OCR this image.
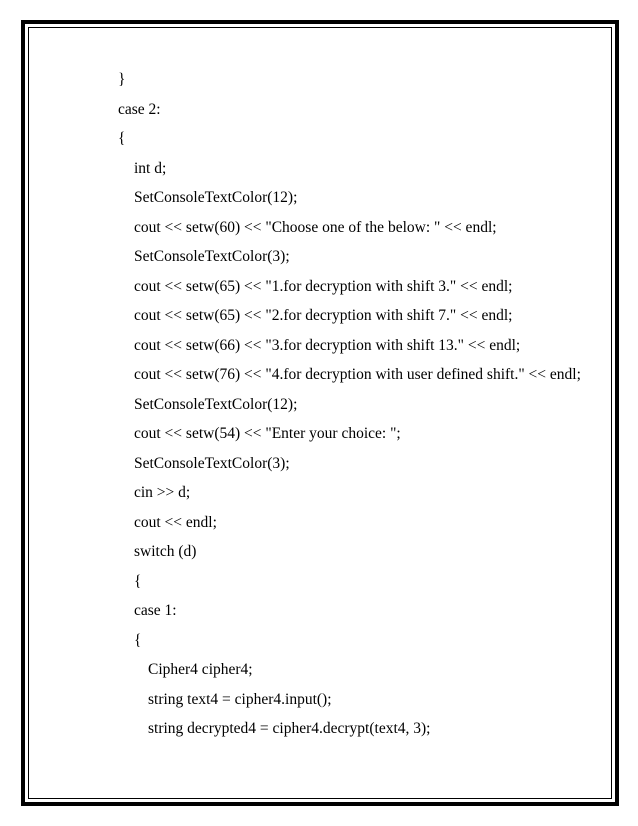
}
case 2:
{
int d;
SetConsoleTextColor(12);
cout << setw(60) << "Choose one of the below: " << endl;
SetConsoleTextColor(3);
cout << setw(65) << "1.for decryption with shift 3." << endl;
cout << setw(65) << "2.for decryption with shift 7." << endl;
cout << setw(66) << "3.for decryption with shift 13." << endl;
cout << setw(76) << "4.for decryption with user defined shift." << endl;
SetConsoleTextColor(12);
cout << setw(54) << "Enter your choice: ";
SetConsoleTextColor(3);
cin >> d;
cout << endl;
switch (d)
{
case 1:
{
Cipher4 cipher4;
string text4 = cipher4.input();
string decrypted4 = cipher4.decrypt(text4, 3);
